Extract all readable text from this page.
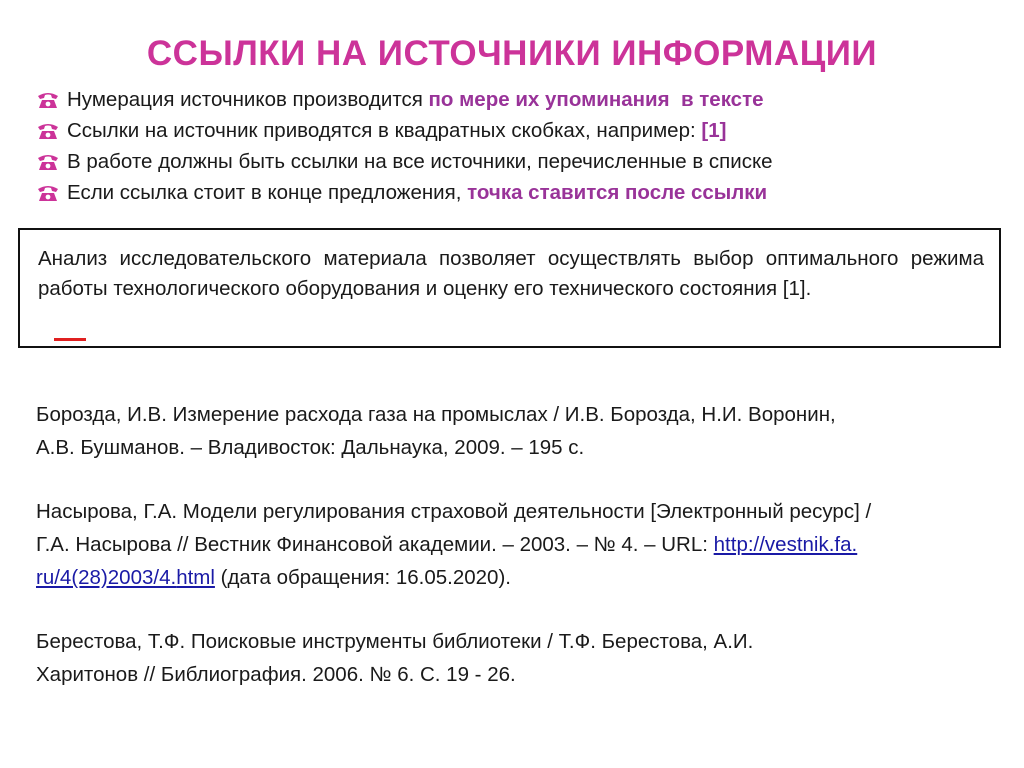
ССЫЛКИ НА ИСТОЧНИКИ ИНФОРМАЦИИ
Нумерация источников производится по мере их упоминания  в тексте
Ссылки на источник приводятся в квадратных скобках, например: [1]
В работе должны быть ссылки на все источники, перечисленные в списке
Если ссылка стоит в конце предложения, точка ставится после ссылки
Анализ исследовательского материала позволяет осуществлять выбор оптимального режима работы технологического оборудования и оценку его технического состояния [1].
Борозда, И.В. Измерение расхода газа на промыслах / И.В. Борозда, Н.И. Воронин,
А.В. Бушманов. – Владивосток: Дальнаука, 2009. – 195 с.
Насырова, Г.А. Модели регулирования страховой деятельности [Электронный ресурс] /
Г.А. Насырова // Вестник Финансовой академии. – 2003. – № 4. – URL: http://vestnik.fa.
ru/4(28)2003/4.html (дата обращения: 16.05.2020).
Берестова, Т.Ф. Поисковые инструменты библиотеки / Т.Ф. Берестова, А.И.
Харитонов // Библиография. 2006. № 6. С. 19 - 26.
